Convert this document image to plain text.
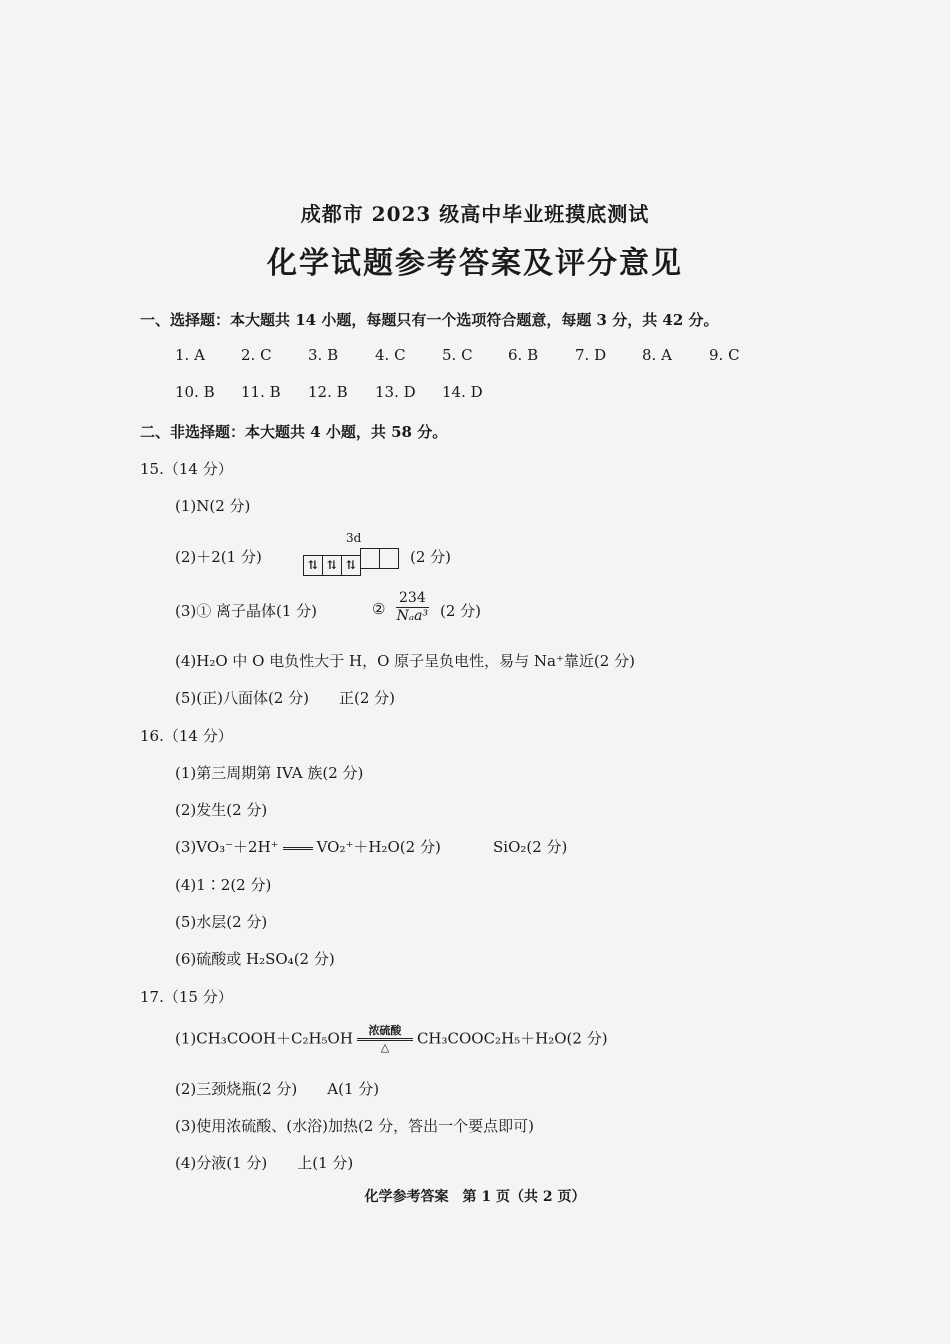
成都市 2023 级高中毕业班摸底测试
化学试题参考答案及评分意见
一、选择题：本大题共 14 小题，每题只有一个选项符合题意，每题 3 分，共 42 分。
1. A 2. C 3. B 4. C 5. C 6. B 7. D 8. A 9. C
10. B 11. B 12. B 13. D 14. D
二、非选择题：本大题共 4 小题，共 58 分。
15.（14 分）
(1)N(2 分)
(2)＋2(1 分)
3d
⇅ ⇅ ⇅	(2 分)
(3)① 离子晶体(1 分)	② $\frac{234}{\text{Nₐa³}} (2$ 分)
(4)H₂O 中 O 电负性大于 H，O 原子呈负电性，易与 Na⁺靠近(2 分)
(5)(正)八面体(2 分)　　正(2 分)
16.（14 分）
(1)第三周期第 IVA 族(2 分)
(2)发生(2 分)
(3)VO₃⁻＋2H⁺	VO₂⁺＋H₂O(2 分)	SiO₂(2 分)
(4)1∶2(2 分)
(5)水层(2 分)
(6)硫酸或 H₂SO₄(2 分)
17.（15 分）
(1)CH₃COOH＋C₂H₅OH	浓硫酸
△	CH₃COOC₂H₅＋H₂O(2 分)
(2)三颈烧瓶(2 分)　　A(1 分)
(3)使用浓硫酸、(水浴)加热(2 分，答出一个要点即可)
(4)分液(1 分)　　上(1 分)
化学参考答案　第 1 页（共 2 页）
